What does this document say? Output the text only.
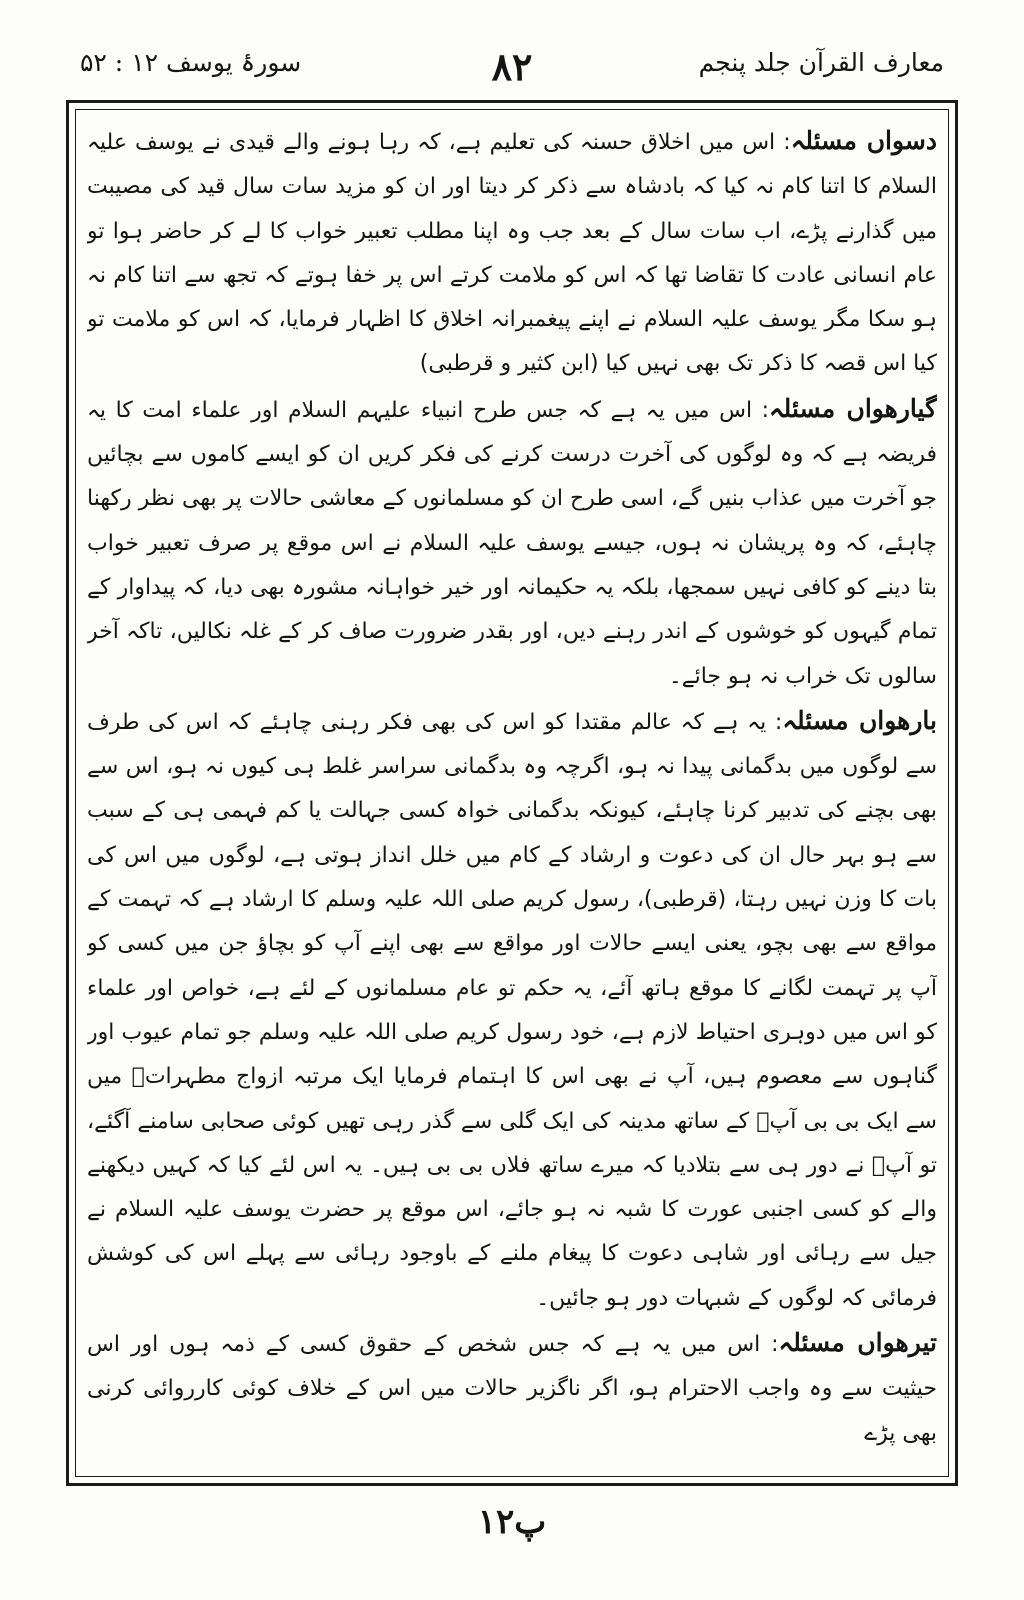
معارف القرآن جلد پنجم
۸۲
سورۂ یوسف ۱۲ : ۵۲

دسواں مسئلہ: اس میں اخلاق حسنہ کی تعلیم ہے، کہ رہا ہونے والے قیدی نے یوسف علیہ السلام کا اتنا کام نہ کیا کہ بادشاہ سے ذکر کر دیتا اور ان کو مزید سات سال قید کی مصیبت میں گذارنے پڑے، اب سات سال کے بعد جب وہ اپنا مطلب تعبیر خواب کا لے کر حاضر ہوا تو عام انسانی عادت کا تقاضا تھا کہ اس کو ملامت کرتے اس پر خفا ہوتے کہ تجھ سے اتنا کام نہ ہو سکا مگر یوسف علیہ السلام نے اپنے پیغمبرانہ اخلاق کا اظہار فرمایا، کہ اس کو ملامت تو کیا اس قصہ کا ذکر تک بھی نہیں کیا (ابن کثیر و قرطبی)

گیارھواں مسئلہ: اس میں یہ ہے کہ جس طرح انبیاء علیہم السلام اور علماء امت کا یہ فریضہ ہے کہ وہ لوگوں کی آخرت درست کرنے کی فکر کریں ان کو ایسے کاموں سے بچائیں جو آخرت میں عذاب بنیں گے، اسی طرح ان کو مسلمانوں کے معاشی حالات پر بھی نظر رکھنا چاہئے، کہ وہ پریشان نہ ہوں، جیسے یوسف علیہ السلام نے اس موقع پر صرف تعبیر خواب بتا دینے کو کافی نہیں سمجھا، بلکہ یہ حکیمانہ اور خیر خواہانہ مشورہ بھی دیا، کہ پیداوار کے تمام گیہوں کو خوشوں کے اندر رہنے دیں، اور بقدر ضرورت صاف کر کے غلہ نکالیں، تاکہ آخر سالوں تک خراب نہ ہو جائے۔

بارھواں مسئلہ: یہ ہے کہ عالم مقتدا کو اس کی بھی فکر رہنی چاہئے کہ اس کی طرف سے لوگوں میں بدگمانی پیدا نہ ہو، اگرچہ وہ بدگمانی سراسر غلط ہی کیوں نہ ہو، اس سے بھی بچنے کی تدبیر کرنا چاہئے، کیونکہ بدگمانی خواہ کسی جہالت یا کم فہمی ہی کے سبب سے ہو بہر حال ان کی دعوت و ارشاد کے کام میں خلل انداز ہوتی ہے، لوگوں میں اس کی بات کا وزن نہیں رہتا، (قرطبی)، رسول کریم صلی اللہ علیہ وسلم کا ارشاد ہے کہ تہمت کے مواقع سے بھی بچو، یعنی ایسے حالات اور مواقع سے بھی اپنے آپ کو بچاؤ جن میں کسی کو آپ پر تہمت لگانے کا موقع ہاتھ آئے، یہ حکم تو عام مسلمانوں کے لئے ہے، خواص اور علماء کو اس میں دوہری احتیاط لازم ہے، خود رسول کریم صلی اللہ علیہ وسلم جو تمام عیوب اور گناہوں سے معصوم ہیں، آپ نے بھی اس کا اہتمام فرمایا ایک مرتبہ ازواج مطہراتؓ میں سے ایک بی بی آپؐ کے ساتھ مدینہ کی ایک گلی سے گذر رہی تھیں کوئی صحابی سامنے آگئے، تو آپؐ نے دور ہی سے بتلادیا کہ میرے ساتھ فلاں بی بی ہیں۔ یہ اس لئے کیا کہ کہیں دیکھنے والے کو کسی اجنبی عورت کا شبہ نہ ہو جائے، اس موقع پر حضرت یوسف علیہ السلام نے جیل سے رہائی اور شاہی دعوت کا پیغام ملنے کے باوجود رہائی سے پہلے اس کی کوشش فرمائی کہ لوگوں کے شبہات دور ہو جائیں۔

تیرھواں مسئلہ: اس میں یہ ہے کہ جس شخص کے حقوق کسی کے ذمہ ہوں اور اس حیثیت سے وہ واجب الاحترام ہو، اگر ناگزیر حالات میں اس کے خلاف کوئی کارروائی کرنی بھی پڑے

۱۲پ
